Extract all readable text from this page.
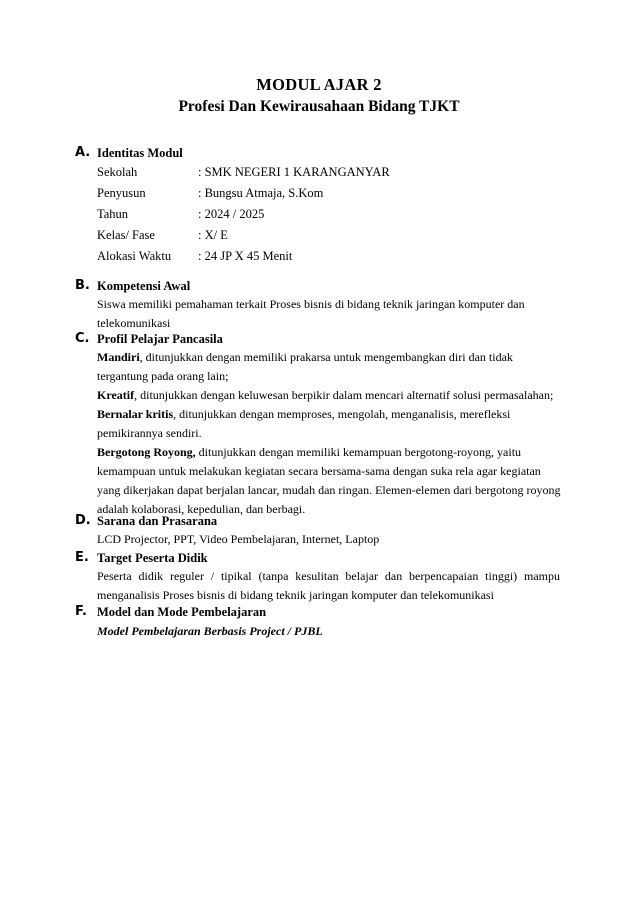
MODUL AJAR 2
Profesi Dan Kewirausahaan Bidang TJKT
A. Identitas Modul
Sekolah	: SMK NEGERI 1 KARANGANYAR
Penyusun	: Bungsu Atmaja, S.Kom
Tahun	: 2024 / 2025
Kelas/ Fase	: X/ E
Alokasi Waktu : 24 JP X 45 Menit
B. Kompetensi Awal
Siswa memiliki pemahaman terkait Proses bisnis di bidang teknik jaringan komputer dan telekomunikasi
C. Profil Pelajar Pancasila
Mandiri, ditunjukkan dengan memiliki prakarsa untuk mengembangkan diri dan tidak tergantung pada orang lain;
Kreatif, ditunjukkan dengan keluwesan berpikir dalam mencari alternatif solusi permasalahan;
Bernalar kritis, ditunjukkan dengan memproses, mengolah, menganalisis, merefleksi pemikirannya sendiri.
Bergotong Royong, ditunjukkan dengan memiliki kemampuan bergotong-royong, yaitu kemampuan untuk melakukan kegiatan secara bersama-sama dengan suka rela agar kegiatan yang dikerjakan dapat berjalan lancar, mudah dan ringan. Elemen-elemen dari bergotong royong adalah kolaborasi, kepedulian, dan berbagi.
D. Sarana dan Prasarana
LCD Projector, PPT, Video Pembelajaran, Internet, Laptop
E. Target Peserta Didik
Peserta didik reguler / tipikal (tanpa kesulitan belajar dan berpencapaian tinggi) mampu menganalisis Proses bisnis di bidang teknik jaringan komputer dan telekomunikasi
F. Model dan Mode Pembelajaran
Model Pembelajaran Berbasis Project / PJBL
